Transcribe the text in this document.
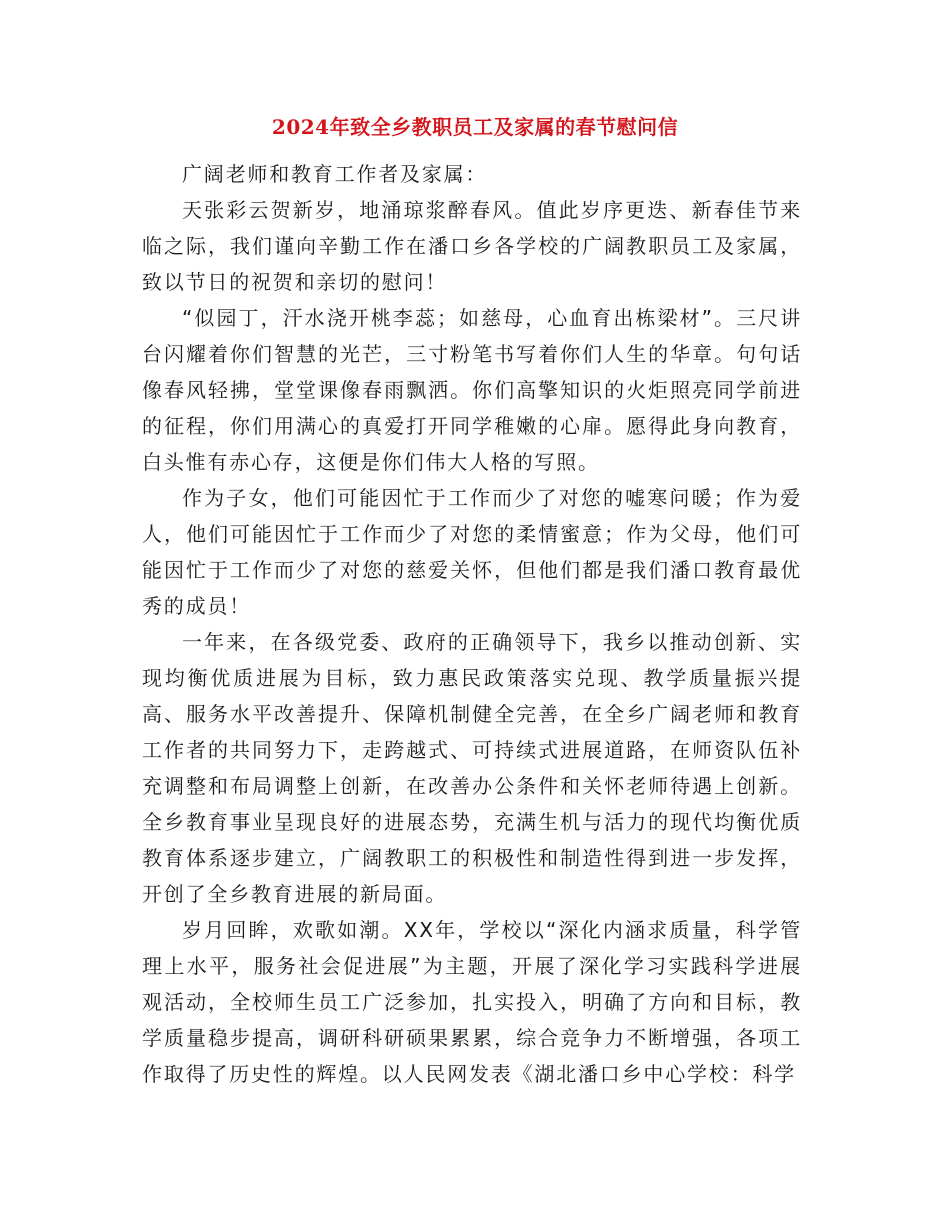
2024年致全乡教职员工及家属的春节慰问信

广阔老师和教育工作者及家属：

天张彩云贺新岁，地涌琼浆醉春风。值此岁序更迭、新春佳节来临之际，我们谨向辛勤工作在潘口乡各学校的广阔教职员工及家属，致以节日的祝贺和亲切的慰问！

“似园丁，汗水浇开桃李蕊；如慈母，心血育出栋梁材”。三尺讲台闪耀着你们智慧的光芒，三寸粉笔书写着你们人生的华章。句句话像春风轻拂，堂堂课像春雨飘洒。你们高擎知识的火炬照亮同学前进的征程，你们用满心的真爱打开同学稚嫩的心扉。愿得此身向教育，白头惟有赤心存，这便是你们伟大人格的写照。

作为子女，他们可能因忙于工作而少了对您的嘘寒问暖；作为爱人，他们可能因忙于工作而少了对您的柔情蜜意；作为父母，他们可能因忙于工作而少了对您的慈爱关怀，但他们都是我们潘口教育最优秀的成员！

一年来，在各级党委、政府的正确领导下，我乡以推动创新、实现均衡优质进展为目标，致力惠民政策落实兑现、教学质量振兴提高、服务水平改善提升、保障机制健全完善，在全乡广阔老师和教育工作者的共同努力下，走跨越式、可持续式进展道路，在师资队伍补充调整和布局调整上创新，在改善办公条件和关怀老师待遇上创新。全乡教育事业呈现良好的进展态势，充满生机与活力的现代均衡优质教育体系逐步建立，广阔教职工的积极性和制造性得到进一步发挥，开创了全乡教育进展的新局面。

岁月回眸，欢歌如潮。XX年，学校以“深化内涵求质量，科学管理上水平，服务社会促进展”为主题，开展了深化学习实践科学进展观活动，全校师生员工广泛参加，扎实投入，明确了方向和目标，教学质量稳步提高，调研科研硕果累累，综合竞争力不断增强，各项工作取得了历史性的辉煌。以人民网发表《湖北潘口乡中心学校：科学
